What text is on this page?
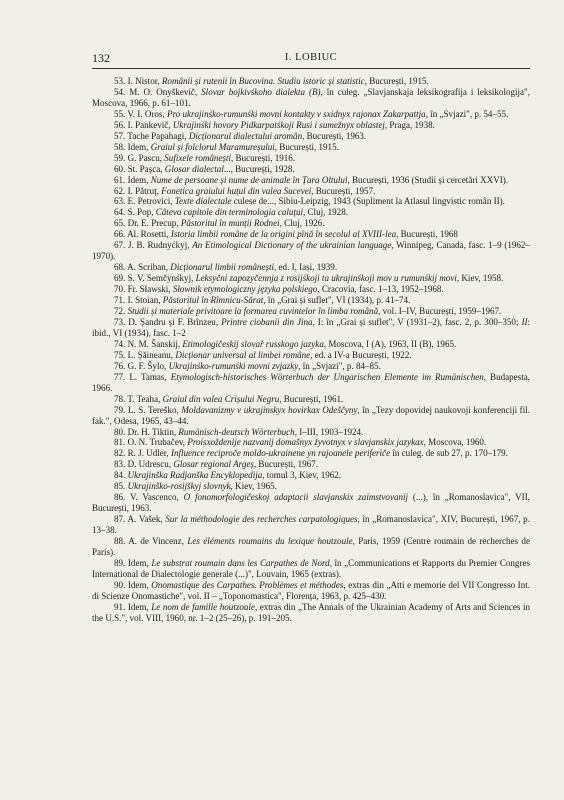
132	I. LOBIUC

53. I. Nistor, Românii și rutenii în Bucovina. Studiu istoric și statistic, București, 1915.

54. M. O. Onyškevič, Slovar bojkivśkoho dialekta (B), în culeg. „Slavjanskaja leksikografija i leksikologija", Moscova, 1966, p. 61–101.

55. V. I. Oros, Pro ukrajinśko-rumunśki movni kontakty v sxidnyx rajonax Zakarpattja, în „Svjazi", p. 54–55.

56. I. Pankevič, Ukrajinśki hovory Pidkarpatśkoji Rusi i sumežnyx oblastej, Praga, 1938.

57. Tache Papahagi, Dicționarul dialectului aromân, București, 1963.

58. Idem, Graiul și folclorul Maramureșului, București, 1915.

59. G. Pascu, Sufixele românești, București, 1916.

60. St. Pașca, Glosar dialectal..., București, 1928.

61. Idem, Nume de persoane și nume de animale în Țara Oltului, București, 1936 (Studii și cercetări XXVI).

62. I. Pătruț, Fonetica graiului huțul din valea Sucevei, București, 1957.

63. E. Petrovici, Texte dialectale culese de..., Sibiu-Leipzig, 1943 (Supliment la Atlasul lingvistic român II).

64. S. Pop, Câteva capitole din terminologia caluțui, Cluj, 1928.

65. Dr. E. Precup, Păstoritul în munții Rodnei, Cluj, 1926.

66. Al. Rosetti, Istoria limbii române de la origini pînă în secolul al XVIII-lea, București, 1968

67. J. B. Rudnyćkyj, An Etimological Dictionary of the ukrainian language, Winnipeg, Canada, fasc. 1–9 (1962–1970).

68. A. Scriban, Dicționarul limbii românești, ed. I, Iași, 1939.

69. S. V. Semčynśkyj, Leksyčni zapozyčennja z rosijśkoji ta ukrajinśkoji mov u rumunśkij movi, Kiev, 1958.

70. Fr. Sławski, Słownik etymologiczny języka polskiego, Cracovia, fasc. 1–13, 1952–1968.

71. I. Stoian, Păstoritul în Rîmnicu-Sărat, în „Grai și suflet", VI (1934), p. 41–74.

72. Studii și materiale privitoare la formarea cuvintelor în limba română, vol. I–IV, București, 1959–1967.

73. D. Șandru și F. Brînzeu, Printre ciobanii din Jina, I: în „Grai și suflet", V (1931–2), fasc. 2, p. 300–350; II: ibid., VI (1934), fasc. 1–2

74. N. M. Šanskij, Etimologičeskij slovař russkogo jazyka, Moscova, I (A), 1963, II (B), 1965.

75. L. Șăineanu, Dicționar universal al limbei române, ed. a IV-a București, 1922.

76. G. F. Šylo, Ukrajinśko-rumunśki movni zvjazky, în „Svjazi", p. 84–85.

77. L. Tamas, Etymologisch-historisches Wörterbuch der Ungarischen Elemente im Rumänischen, Budapesta, 1966.

78. T. Teaha, Graiul din valea Crișului Negru, București, 1961.

79. L. S. Tereško, Moldavanizmy v ukrajinskyx hovirkax Odeščyny, în „Tezy dopovidej naukovoji konferenciji fil. fak.", Odesa, 1965, 43–44.

80. Dr. H. Tiktin, Rumänisch-deutsch Wörterbuch, I–III, 1903–1924.

81. O. N. Trubačev, Proisxoždenije nazvanij domašnyx žyvotnyx v slavjanskix jazykax, Moscova, 1960.

82. R. J. Udler, Influence reciproče moldo-ukrainene yn rajoanele periferiče în culeg. de sub 27, p. 170–179.

83. D. Udrescu, Glosar regional Argeș, București, 1967.

84. Ukrajinška Radjanška Encyklopedija, tomul 3, Kiev, 1962.

85. Ukrajinško-rosijškyj slovnyk, Kiev, 1965.

86. V. Vascenco, O fonomorfologičeskoj adaptacii slavjanskix zaimstvovanij (...), în „Romanoslavica", VII, București, 1963.

87. A. Vašek, Sur la méthodologie des recherches carpatologiques, în „Romanoslavica", XIV, București, 1967, p. 13–38.

88. A. de Vincenz, Les éléments roumains du lexique houtzoule, Paris, 1959 (Centre roumain de recherches de Paris).

89. Idem, Le substrat roumain dans les Carpathes de Nord, în „Communications et Rapports du Premier Congres International de Dialectologie generale (...)", Louvain, 1965 (extras).

90. Idem, Onomastique des Carpathes. Problèmes et méthodes, extras din „Atti e memorie del VII Congresso Int. di Scienze Onomastiche", vol. II – „Toponomastica", Florența, 1963, p. 425–430.

91. Idem, Le nom de famille houtzoule, extras din „The Annals of the Ukrainian Academy of Arts and Sciences in the U.S.", vol. VIII, 1960, nr. 1–2 (25–26), p. 191–205.
